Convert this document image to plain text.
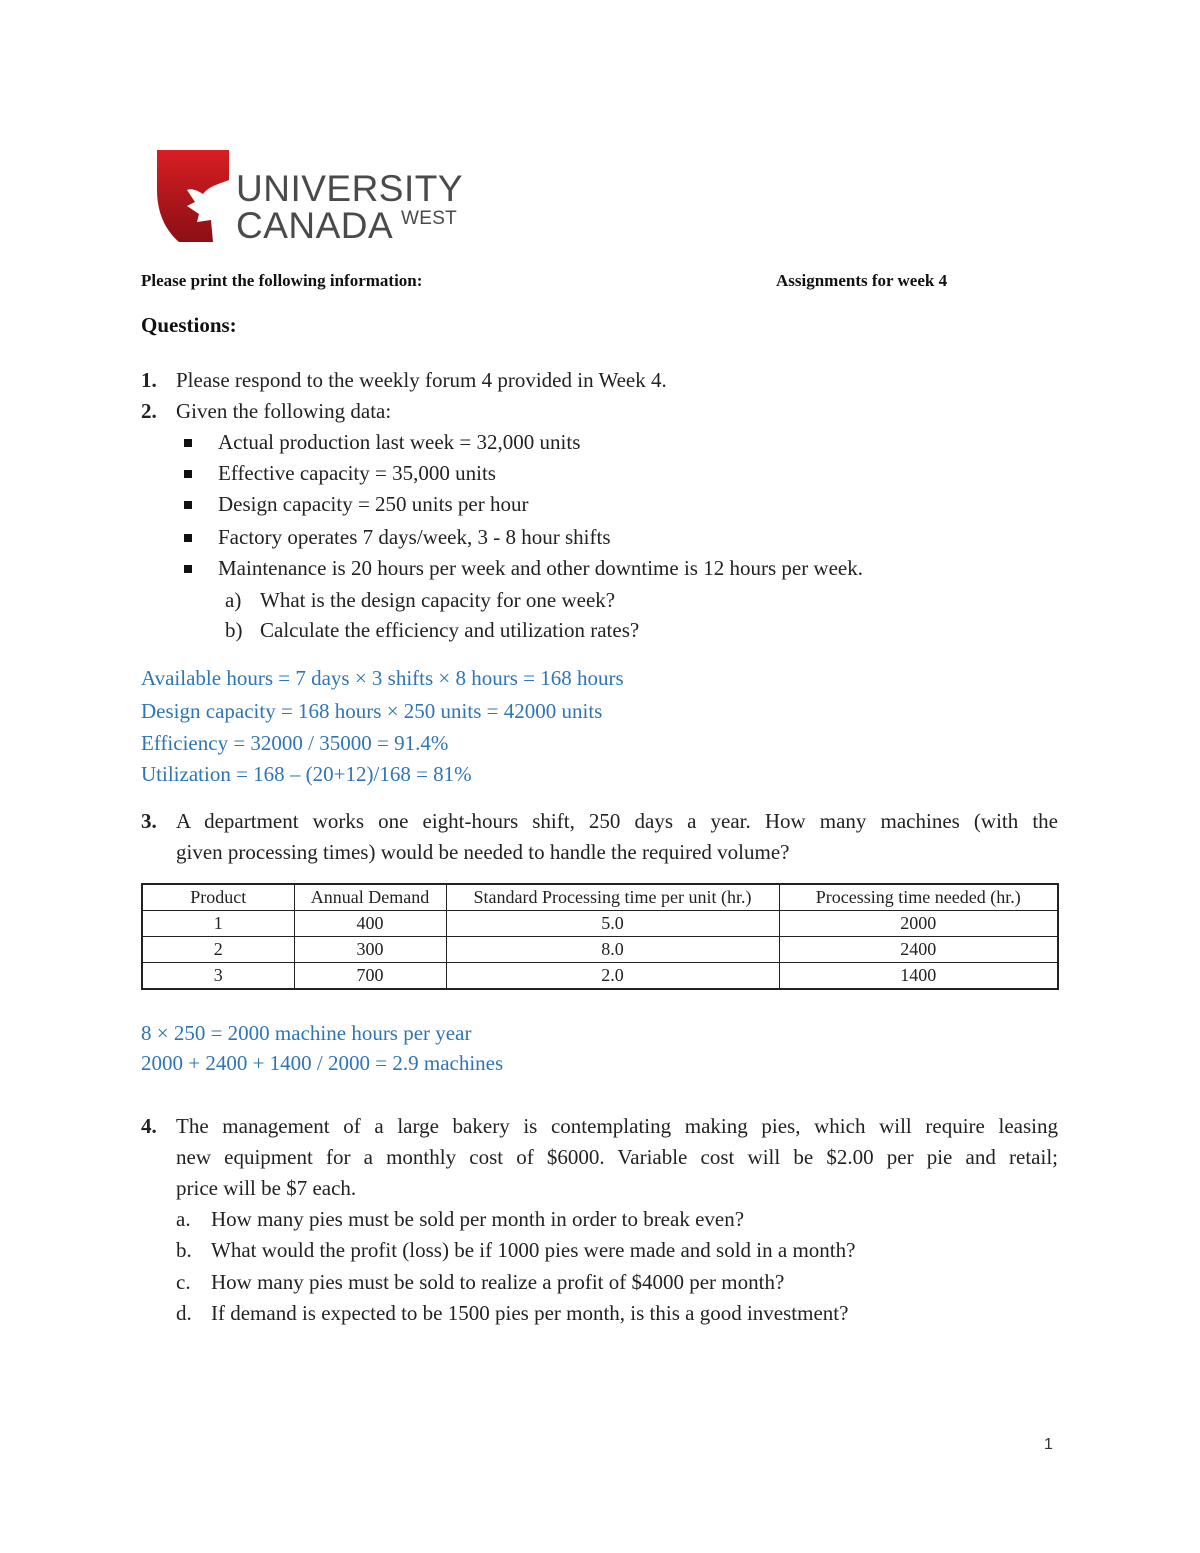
UNIVERSITY
CANADA WEST
Please print the following information:	Assignments for week 4
Questions:
1. Please respond to the weekly forum 4 provided in Week 4.
2. Given the following data:
Actual production last week = 32,000 units
Effective capacity = 35,000 units
Design capacity = 250 units per hour
Factory operates 7 days/week, 3 - 8 hour shifts
Maintenance is 20 hours per week and other downtime is 12 hours per week.
a) What is the design capacity for one week?
b) Calculate the efficiency and utilization rates?
Available hours = 7 days × 3 shifts × 8 hours = 168 hours
Design capacity = 168 hours × 250 units = 42000 units
Efficiency = 32000 / 35000 = 91.4%
Utilization = 168 – (20+12)/168 = 81%
3. A department works one eight-hours shift, 250 days a year. How many machines (with the
given processing times) would be needed to handle the required volume?
Product	Annual Demand	Standard Processing time per unit (hr.)	Processing time needed (hr.)
1	400	5.0	2000
2	300	8.0	2400
3	700	2.0	1400
8 × 250 = 2000 machine hours per year
2000 + 2400 + 1400 / 2000 = 2.9 machines
4. The management of a large bakery is contemplating making pies, which will require leasing
new equipment for a monthly cost of $6000. Variable cost will be $2.00 per pie and retail;
price will be $7 each.
a. How many pies must be sold per month in order to break even?
b. What would the profit (loss) be if 1000 pies were made and sold in a month?
c. How many pies must be sold to realize a profit of $4000 per month?
d. If demand is expected to be 1500 pies per month, is this a good investment?
1
